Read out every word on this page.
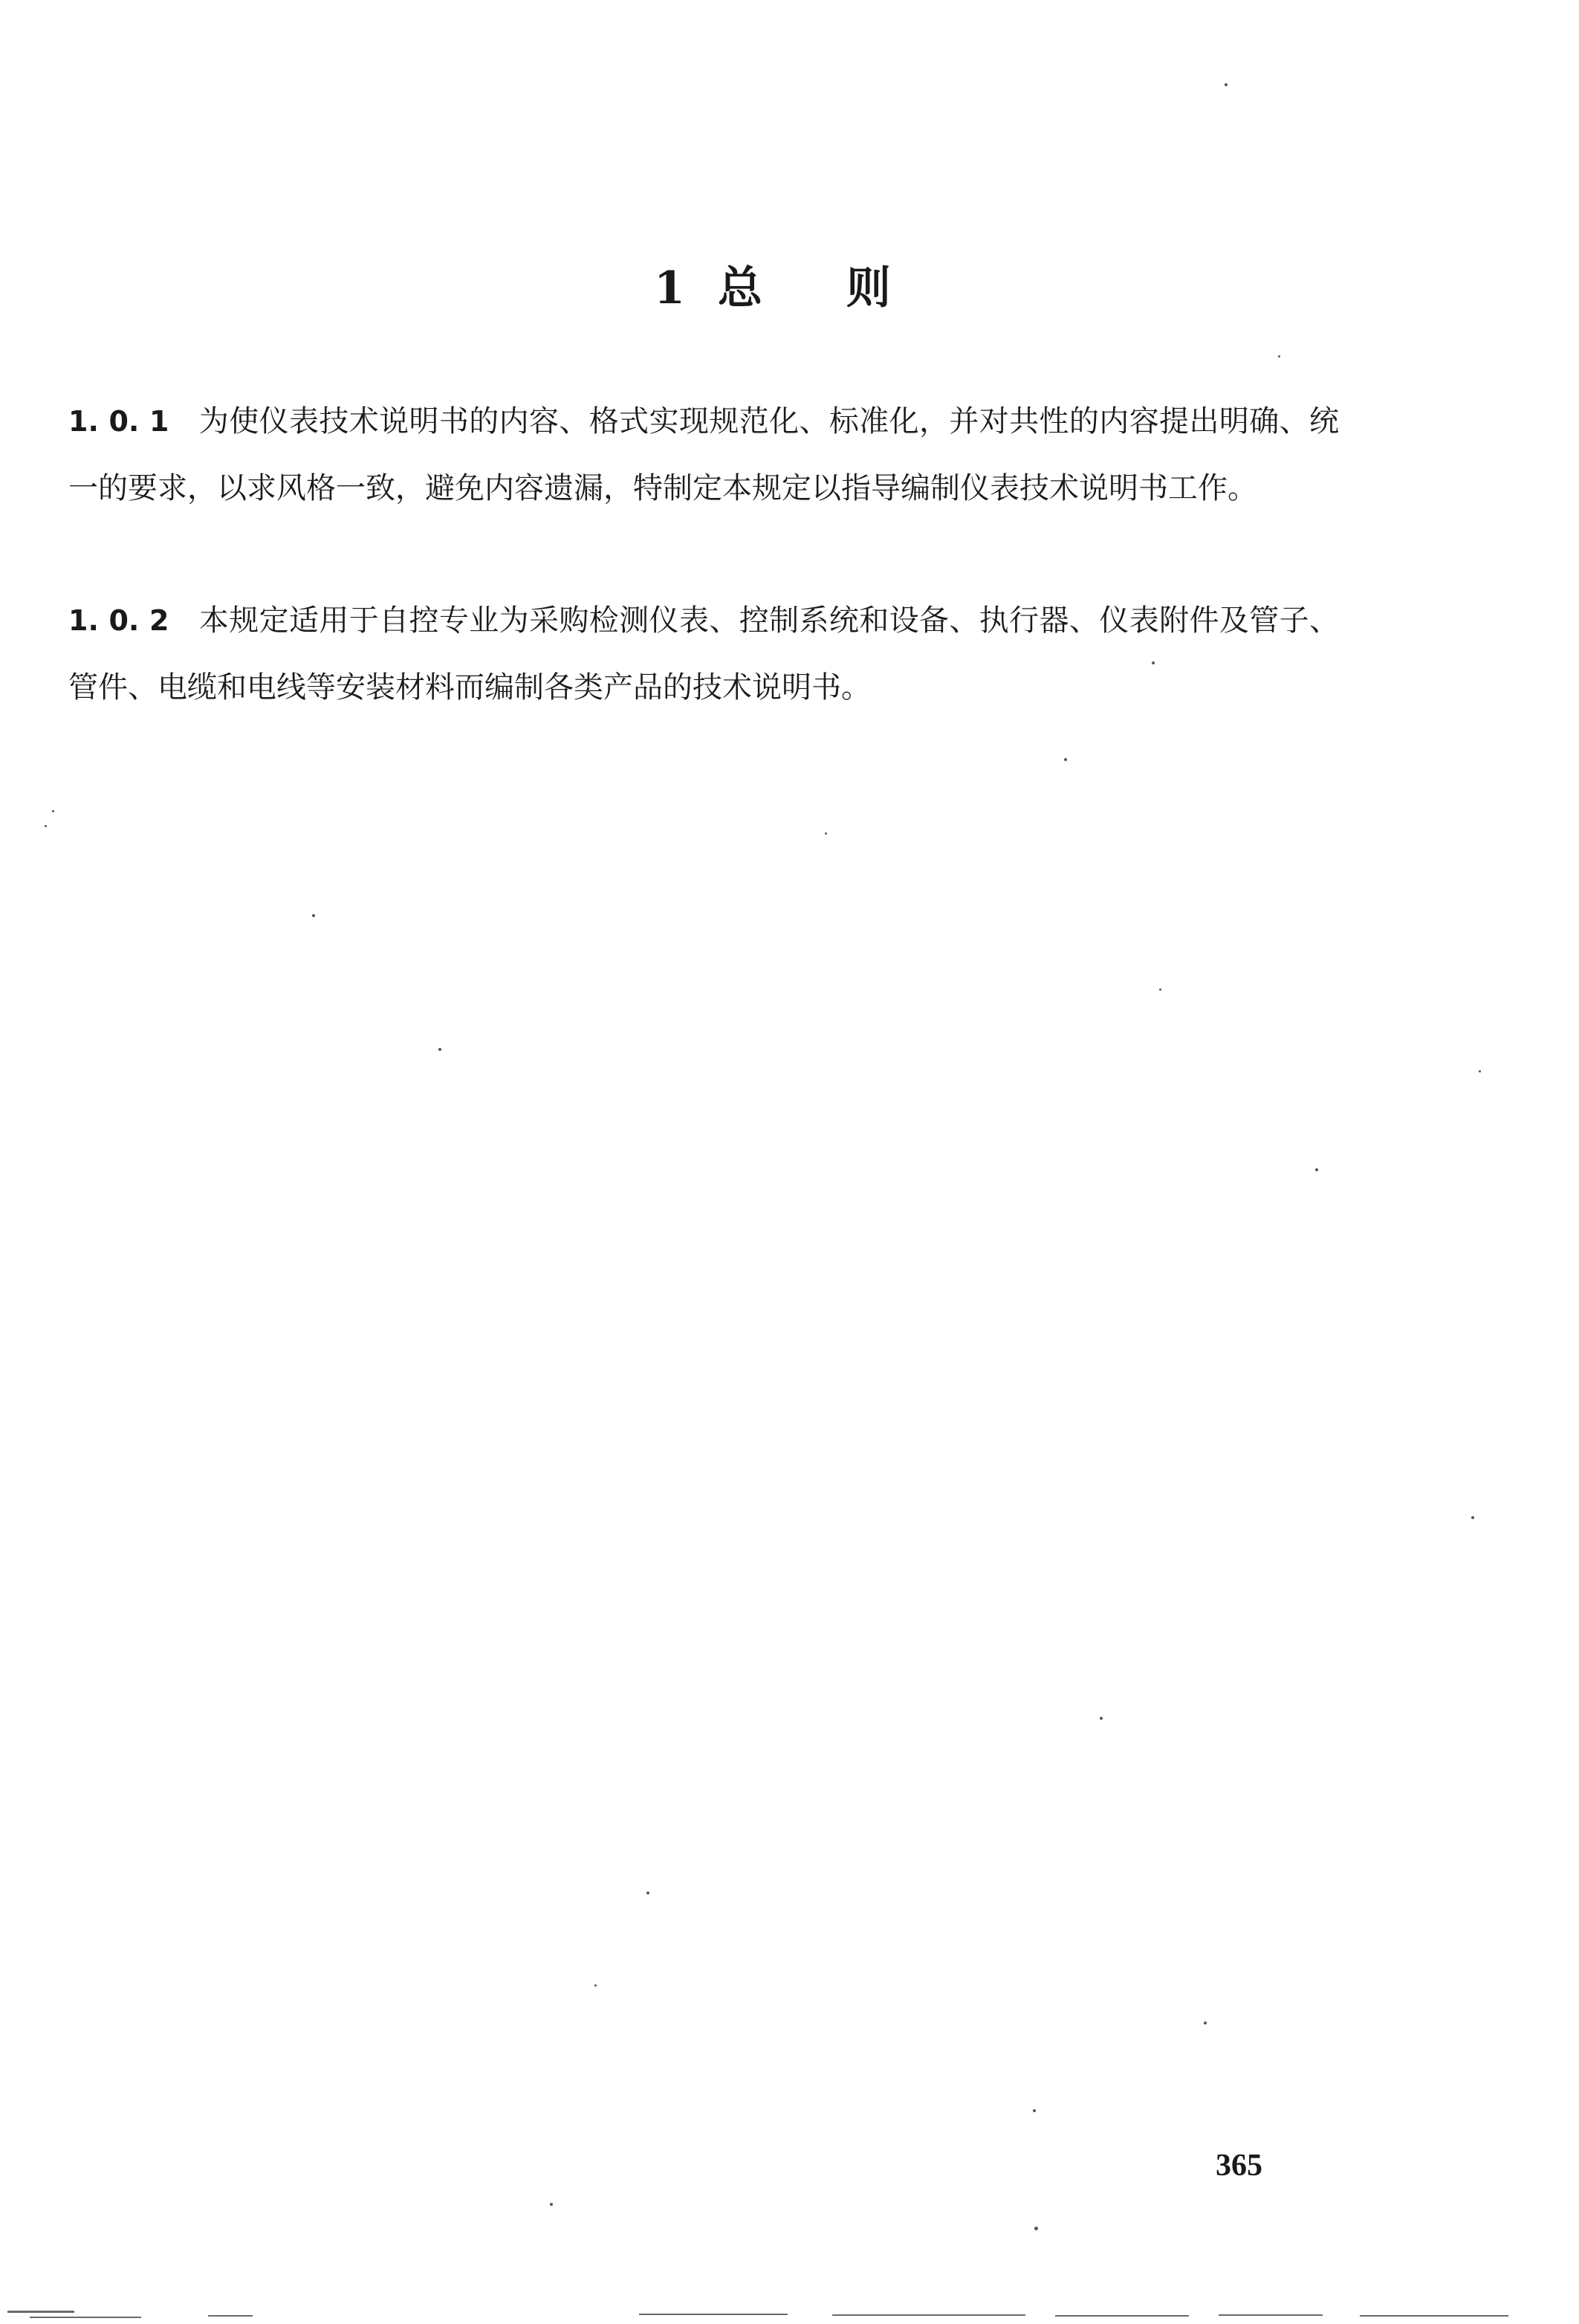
1 总 则
1. 0. 1 为使仪表技术说明书的内容、格式实现规范化、标准化，并对共性的内容提出明确、统一的要求，以求风格一致，避免内容遗漏，特制定本规定以指导编制仪表技术说明书工作。
1. 0. 2 本规定适用于自控专业为采购检测仪表、控制系统和设备、执行器、仪表附件及管子、管件、电缆和电线等安装材料而编制各类产品的技术说明书。
365
